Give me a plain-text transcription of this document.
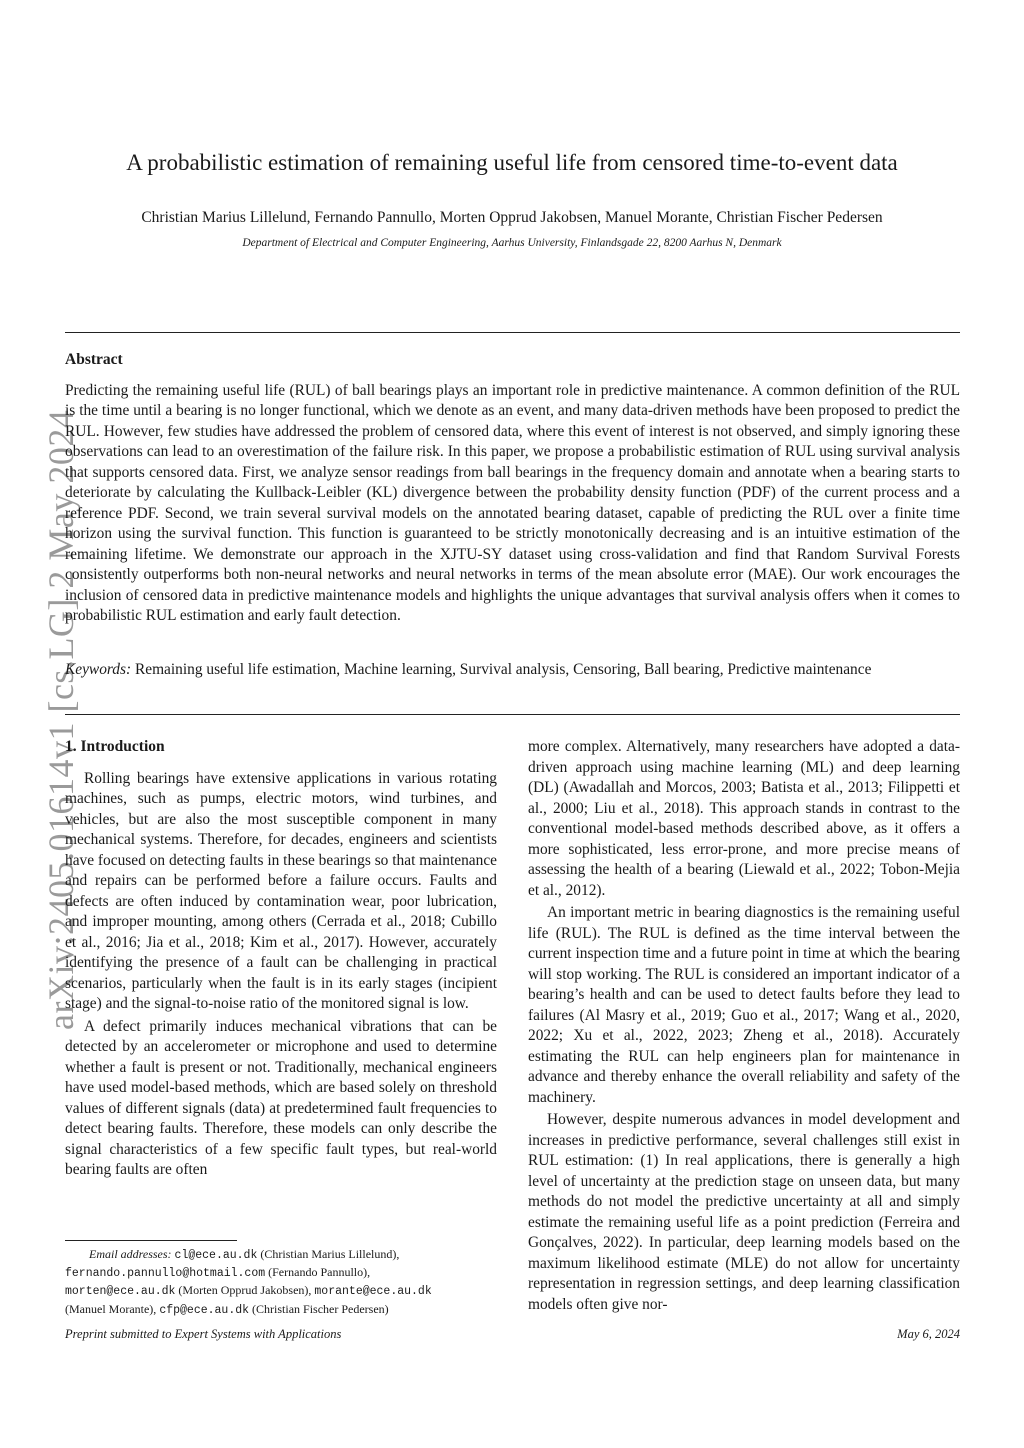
arXiv:2405.01614v1 [cs.LG] 2 May 2024
A probabilistic estimation of remaining useful life from censored time-to-event data
Christian Marius Lillelund, Fernando Pannullo, Morten Opprud Jakobsen, Manuel Morante, Christian Fischer Pedersen
Department of Electrical and Computer Engineering, Aarhus University, Finlandsgade 22, 8200 Aarhus N, Denmark
Abstract
Predicting the remaining useful life (RUL) of ball bearings plays an important role in predictive maintenance. A common definition of the RUL is the time until a bearing is no longer functional, which we denote as an event, and many data-driven methods have been proposed to predict the RUL. However, few studies have addressed the problem of censored data, where this event of interest is not observed, and simply ignoring these observations can lead to an overestimation of the failure risk. In this paper, we propose a probabilistic estimation of RUL using survival analysis that supports censored data. First, we analyze sensor readings from ball bearings in the frequency domain and annotate when a bearing starts to deteriorate by calculating the Kullback-Leibler (KL) divergence between the probability density function (PDF) of the current process and a reference PDF. Second, we train several survival models on the annotated bearing dataset, capable of predicting the RUL over a finite time horizon using the survival function. This function is guaranteed to be strictly monotonically decreasing and is an intuitive estimation of the remaining lifetime. We demonstrate our approach in the XJTU-SY dataset using cross-validation and find that Random Survival Forests consistently outperforms both non-neural networks and neural networks in terms of the mean absolute error (MAE). Our work encourages the inclusion of censored data in predictive maintenance models and highlights the unique advantages that survival analysis offers when it comes to probabilistic RUL estimation and early fault detection.
Keywords: Remaining useful life estimation, Machine learning, Survival analysis, Censoring, Ball bearing, Predictive maintenance
1. Introduction

Rolling bearings have extensive applications in various rotating machines, such as pumps, electric motors, wind turbines, and vehicles, but are also the most susceptible component in many mechanical systems. Therefore, for decades, engineers and scientists have focused on detecting faults in these bearings so that maintenance and repairs can be performed before a failure occurs. Faults and defects are often induced by contamination wear, poor lubrication, and improper mounting, among others (Cerrada et al., 2018; Cubillo et al., 2016; Jia et al., 2018; Kim et al., 2017). However, accurately identifying the presence of a fault can be challenging in practical scenarios, particularly when the fault is in its early stages (incipient stage) and the signal-to-noise ratio of the monitored signal is low.

A defect primarily induces mechanical vibrations that can be detected by an accelerometer or microphone and used to determine whether a fault is present or not. Traditionally, mechanical engineers have used model-based methods, which are based solely on threshold values of different signals (data) at predetermined fault frequencies to detect bearing faults. Therefore, these models can only describe the signal characteristics of a few specific fault types, but real-world bearing faults are often

more complex. Alternatively, many researchers have adopted a data-driven approach using machine learning (ML) and deep learning (DL) (Awadallah and Morcos, 2003; Batista et al., 2013; Filippetti et al., 2000; Liu et al., 2018). This approach stands in contrast to the conventional model-based methods described above, as it offers a more sophisticated, less error-prone, and more precise means of assessing the health of a bearing (Liewald et al., 2022; Tobon-Mejia et al., 2012).

An important metric in bearing diagnostics is the remaining useful life (RUL). The RUL is defined as the time interval between the current inspection time and a future point in time at which the bearing will stop working. The RUL is considered an important indicator of a bearing’s health and can be used to detect faults before they lead to failures (Al Masry et al., 2019; Guo et al., 2017; Wang et al., 2020, 2022; Xu et al., 2022, 2023; Zheng et al., 2018). Accurately estimating the RUL can help engineers plan for maintenance in advance and thereby enhance the overall reliability and safety of the machinery.

However, despite numerous advances in model development and increases in predictive performance, several challenges still exist in RUL estimation: (1) In real applications, there is generally a high level of uncertainty at the prediction stage on unseen data, but many methods do not model the predictive uncertainty at all and simply estimate the remaining useful life as a point prediction (Ferreira and Gonçalves, 2022). In particular, deep learning models based on the maximum likelihood estimate (MLE) do not allow for uncertainty representation in regression settings, and deep learning classification models often give nor-

Email addresses: cl@ece.au.dk (Christian Marius Lillelund),
fernando.pannullo@hotmail.com (Fernando Pannullo),
morten@ece.au.dk (Morten Opprud Jakobsen), morante@ece.au.dk
(Manuel Morante), cfp@ece.au.dk (Christian Fischer Pedersen)
Preprint submitted to Expert Systems with Applications	May 6, 2024
